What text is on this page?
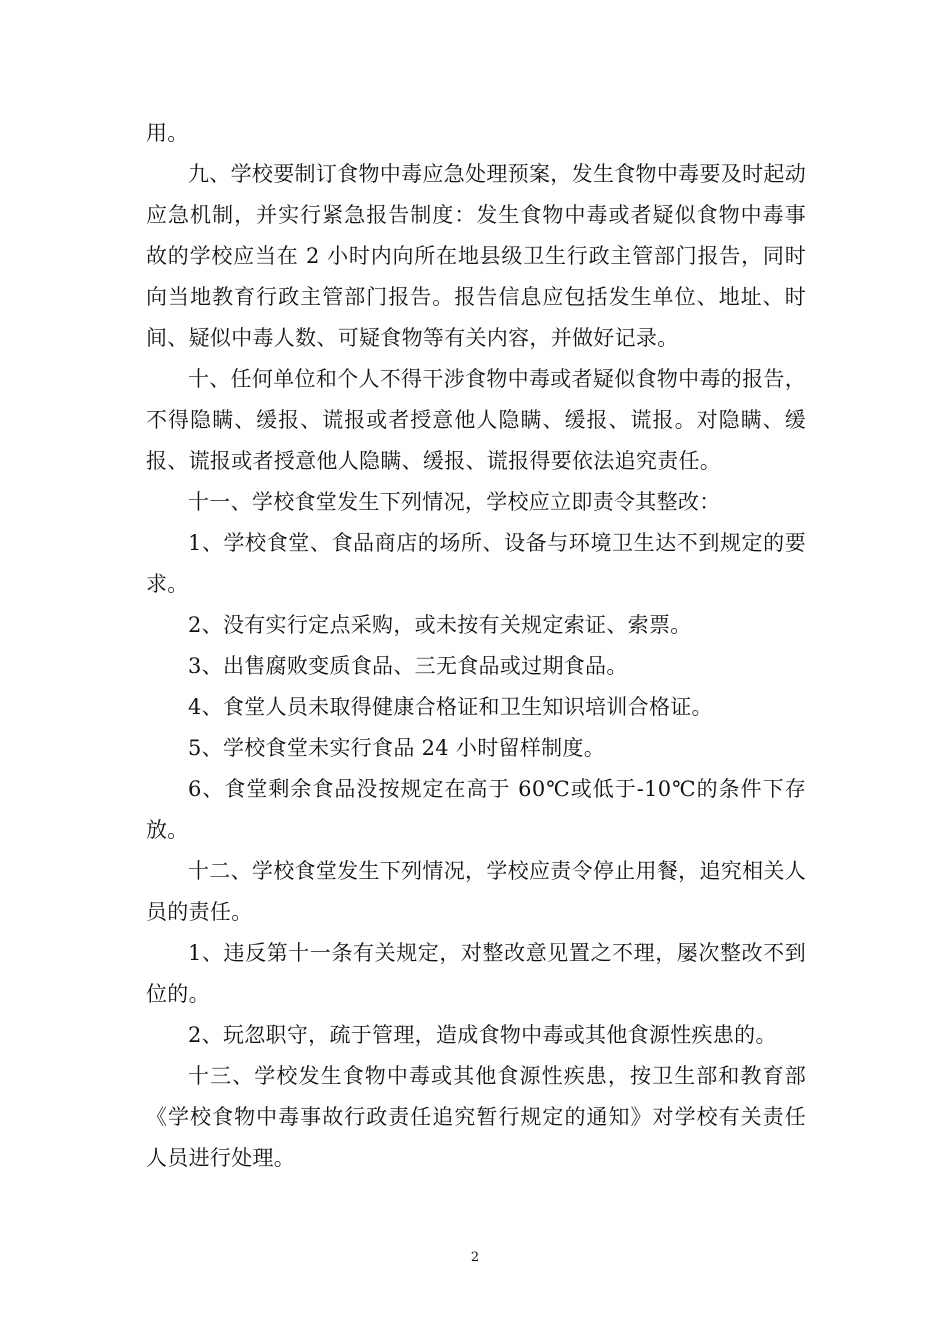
用。

九、学校要制订食物中毒应急处理预案，发生食物中毒要及时起动应急机制，并实行紧急报告制度：发生食物中毒或者疑似食物中毒事故的学校应当在 2 小时内向所在地县级卫生行政主管部门报告，同时向当地教育行政主管部门报告。报告信息应包括发生单位、地址、时间、疑似中毒人数、可疑食物等有关内容，并做好记录。

十、任何单位和个人不得干涉食物中毒或者疑似食物中毒的报告，不得隐瞒、缓报、谎报或者授意他人隐瞒、缓报、谎报。对隐瞒、缓报、谎报或者授意他人隐瞒、缓报、谎报得要依法追究责任。

十一、学校食堂发生下列情况，学校应立即责令其整改：

1、学校食堂、食品商店的场所、设备与环境卫生达不到规定的要求。

2、没有实行定点采购，或未按有关规定索证、索票。

3、出售腐败变质食品、三无食品或过期食品。

4、食堂人员未取得健康合格证和卫生知识培训合格证。

5、学校食堂未实行食品 24 小时留样制度。

6、食堂剩余食品没按规定在高于 60℃或低于-10℃的条件下存放。

十二、学校食堂发生下列情况，学校应责令停止用餐，追究相关人员的责任。

1、违反第十一条有关规定，对整改意见置之不理，屡次整改不到位的。

2、玩忽职守，疏于管理，造成食物中毒或其他食源性疾患的。

十三、学校发生食物中毒或其他食源性疾患，按卫生部和教育部《学校食物中毒事故行政责任追究暂行规定的通知》对学校有关责任人员进行处理。

2
